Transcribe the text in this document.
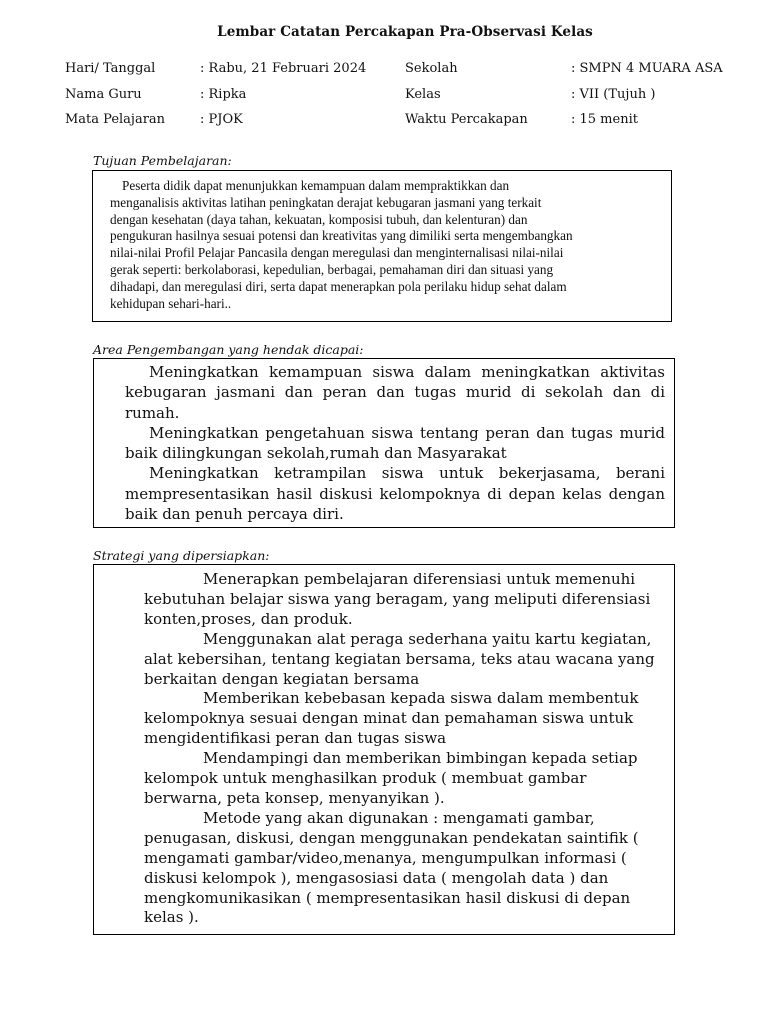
Lembar Catatan Percakapan Pra-Observasi Kelas
Hari/ Tanggal	: Rabu, 21 Februari 2024	Sekolah	: SMPN 4 MUARA ASA
Nama Guru	: Ripka	Kelas	: VII (Tujuh )
Mata Pelajaran	: PJOK	Waktu Percakapan	: 15 menit
Tujuan Pembelajaran:

Peserta didik dapat menunjukkan kemampuan dalam mempraktikkan dan

menganalisis aktivitas latihan peningkatan derajat kebugaran jasmani yang terkait

dengan kesehatan (daya tahan, kekuatan, komposisi tubuh, dan kelenturan) dan

pengukuran hasilnya sesuai potensi dan kreativitas yang dimiliki serta mengembangkan

nilai-nilai Profil Pelajar Pancasila dengan meregulasi dan menginternalisasi nilai-nilai

gerak seperti: berkolaborasi, kepedulian, berbagai, pemahaman diri dan situasi yang

dihadapi, dan meregulasi diri, serta dapat menerapkan pola perilaku hidup sehat dalam

kehidupan sehari-hari..

Area Pengembangan yang hendak dicapai:

Meningkatkan kemampuan siswa dalam meningkatkan aktivitas kebugaran jasmani dan peran dan tugas murid di sekolah dan di rumah.

Meningkatkan pengetahuan siswa tentang peran dan tugas murid baik dilingkungan sekolah,rumah dan Masyarakat

Meningkatkan ketrampilan siswa untuk bekerjasama, berani mempresentasikan hasil diskusi kelompoknya di depan kelas dengan baik dan penuh percaya diri.

Strategi yang dipersiapkan:

Menerapkan pembelajaran diferensiasi untuk memenuhi kebutuhan belajar siswa yang beragam, yang meliputi diferensiasi konten,proses, dan produk.

Menggunakan alat peraga sederhana yaitu kartu kegiatan, alat kebersihan, tentang kegiatan bersama, teks atau wacana yang berkaitan dengan kegiatan bersama

Memberikan kebebasan kepada siswa dalam membentuk kelompoknya sesuai dengan minat dan pemahaman siswa untuk mengidentifikasi peran dan tugas siswa

Mendampingi dan memberikan bimbingan kepada setiap kelompok untuk menghasilkan produk ( membuat gambar berwarna, peta konsep, menyanyikan ).

Metode yang akan digunakan : mengamati gambar, penugasan, diskusi, dengan menggunakan pendekatan saintifik ( mengamati gambar/video,menanya, mengumpulkan informasi ( diskusi kelompok ), mengasosiasi data ( mengolah data ) dan mengkomunikasikan ( mempresentasikan hasil diskusi di depan kelas ).
